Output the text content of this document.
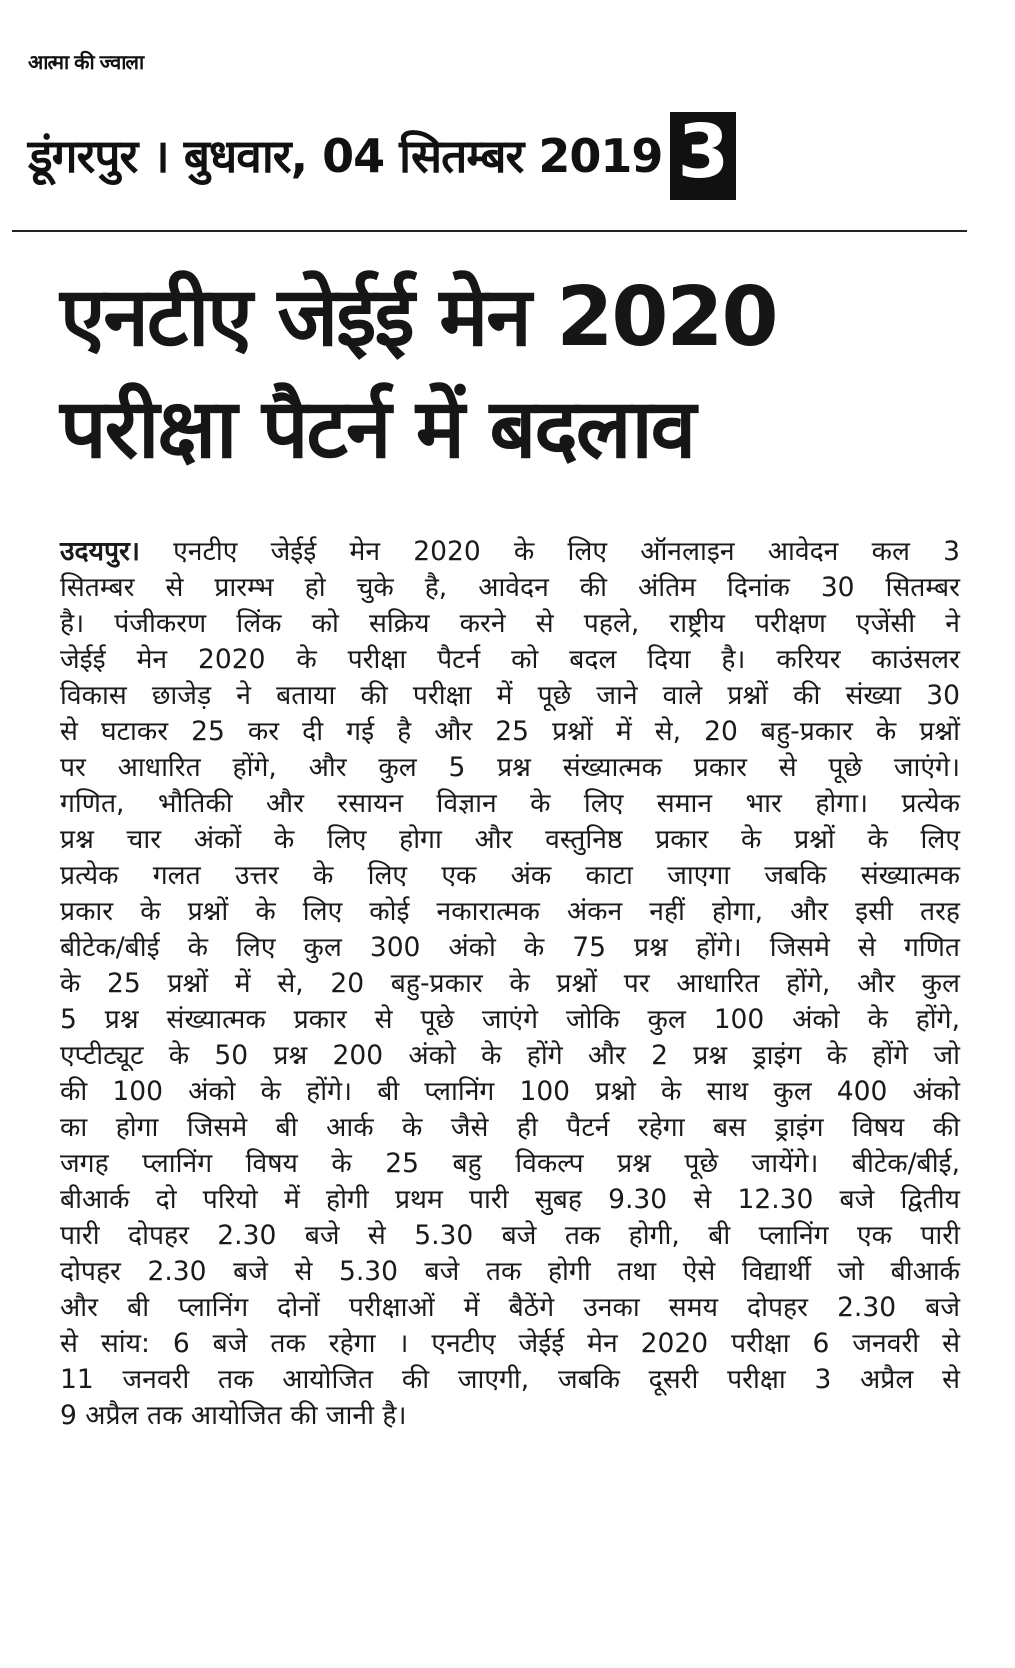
आत्मा की ज्वाला
डूंगरपुर । बुधवार, 04 सितम्बर 2019 3
एनटीए जेईई मेन 2020
परीक्षा पैटर्न में बदलाव
उदयपुर। एनटीए जेईई मेन 2020 के लिए ऑनलाइन आवेदन कल 3
सितम्बर से प्रारम्भ हो चुके है, आवेदन की अंतिम दिनांक 30 सितम्बर
है। पंजीकरण लिंक को सक्रिय करने से पहले, राष्ट्रीय परीक्षण एजेंसी ने
जेईई मेन 2020 के परीक्षा पैटर्न को बदल दिया है। करियर काउंसलर
विकास छाजेड़ ने बताया की परीक्षा में पूछे जाने वाले प्रश्नों की संख्या 30
से घटाकर 25 कर दी गई है और 25 प्रश्नों में से, 20 बहु-प्रकार के प्रश्नों
पर आधारित होंगे, और कुल 5 प्रश्न संख्यात्मक प्रकार से पूछे जाएंगे।
गणित, भौतिकी और रसायन विज्ञान के लिए समान भार होगा। प्रत्येक
प्रश्न चार अंकों के लिए होगा और वस्तुनिष्ठ प्रकार के प्रश्नों के लिए
प्रत्येक गलत उत्तर के लिए एक अंक काटा जाएगा जबकि संख्यात्मक
प्रकार के प्रश्नों के लिए कोई नकारात्मक अंकन नहीं होगा, और इसी तरह
बीटेक/बीई के लिए कुल 300 अंको के 75 प्रश्न होंगे। जिसमे से गणित
के 25 प्रश्नों में से, 20 बहु-प्रकार के प्रश्नों पर आधारित होंगे, और कुल
5 प्रश्न संख्यात्मक प्रकार से पूछे जाएंगे जोकि कुल 100 अंको के होंगे,
एप्टीट्यूट के 50 प्रश्न 200 अंको के होंगे और 2 प्रश्न ड्राइंग के होंगे जो
की 100 अंको के होंगे। बी प्लानिंग 100 प्रश्नो के साथ कुल 400 अंको
का होगा जिसमे बी आर्क के जैसे ही पैटर्न रहेगा बस ड्राइंग विषय की
जगह प्लानिंग विषय के 25 बहु विकल्प प्रश्न पूछे जायेंगे। बीटेक/बीई,
बीआर्क दो परियो में होगी प्रथम पारी सुबह 9.30 से 12.30 बजे द्वितीय
पारी दोपहर 2.30 बजे से 5.30 बजे तक होगी, बी प्लानिंग एक पारी
दोपहर 2.30 बजे से 5.30 बजे तक होगी तथा ऐसे विद्यार्थी जो बीआर्क
और बी प्लानिंग दोनों परीक्षाओं में बैठेंगे उनका समय दोपहर 2.30 बजे
से सांय: 6 बजे तक रहेगा । एनटीए जेईई मेन 2020 परीक्षा 6 जनवरी से
11 जनवरी तक आयोजित की जाएगी, जबकि दूसरी परीक्षा 3 अप्रैल से
9 अप्रैल तक आयोजित की जानी है।
